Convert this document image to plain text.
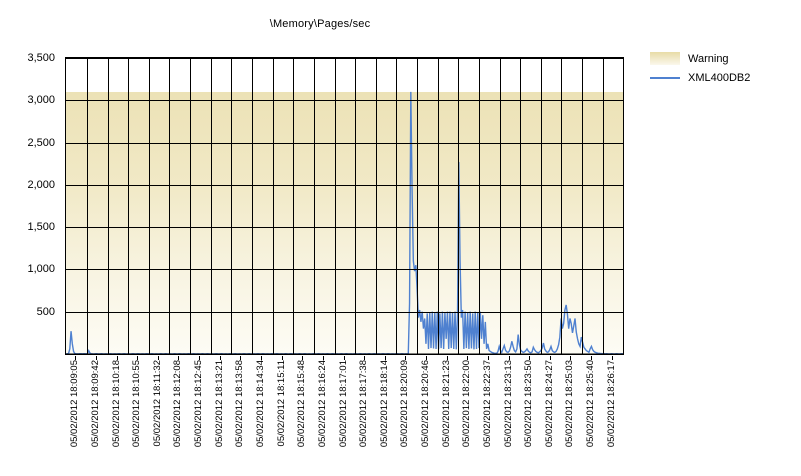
\Memory\Pages/sec
500
1,000
1,500
2,000
2,500
3,000
3,500
05/02/2012 18:09:05 05/02/2012 18:09:42 05/02/2012 18:10:18 05/02/2012 18:10:55 05/02/2012 18:11:32 05/02/2012 18:12:08 05/02/2012 18:12:45 05/02/2012 18:13:21 05/02/2012 18:13:58 05/02/2012 18:14:34 05/02/2012 18:15:11 05/02/2012 18:15:48 05/02/2012 18:16:24 05/02/2012 18:17:01 05/02/2012 18:17:38 05/02/2012 18:18:14 05/02/2012 18:20:09 05/02/2012 18:20:46 05/02/2012 18:21:23 05/02/2012 18:22:00 05/02/2012 18:22:37 05/02/2012 18:23:13 05/02/2012 18:23:50 05/02/2012 18:24:27 05/02/2012 18:25:03 05/02/2012 18:25:40 05/02/2012 18:26:17
Warning
XML400DB2
